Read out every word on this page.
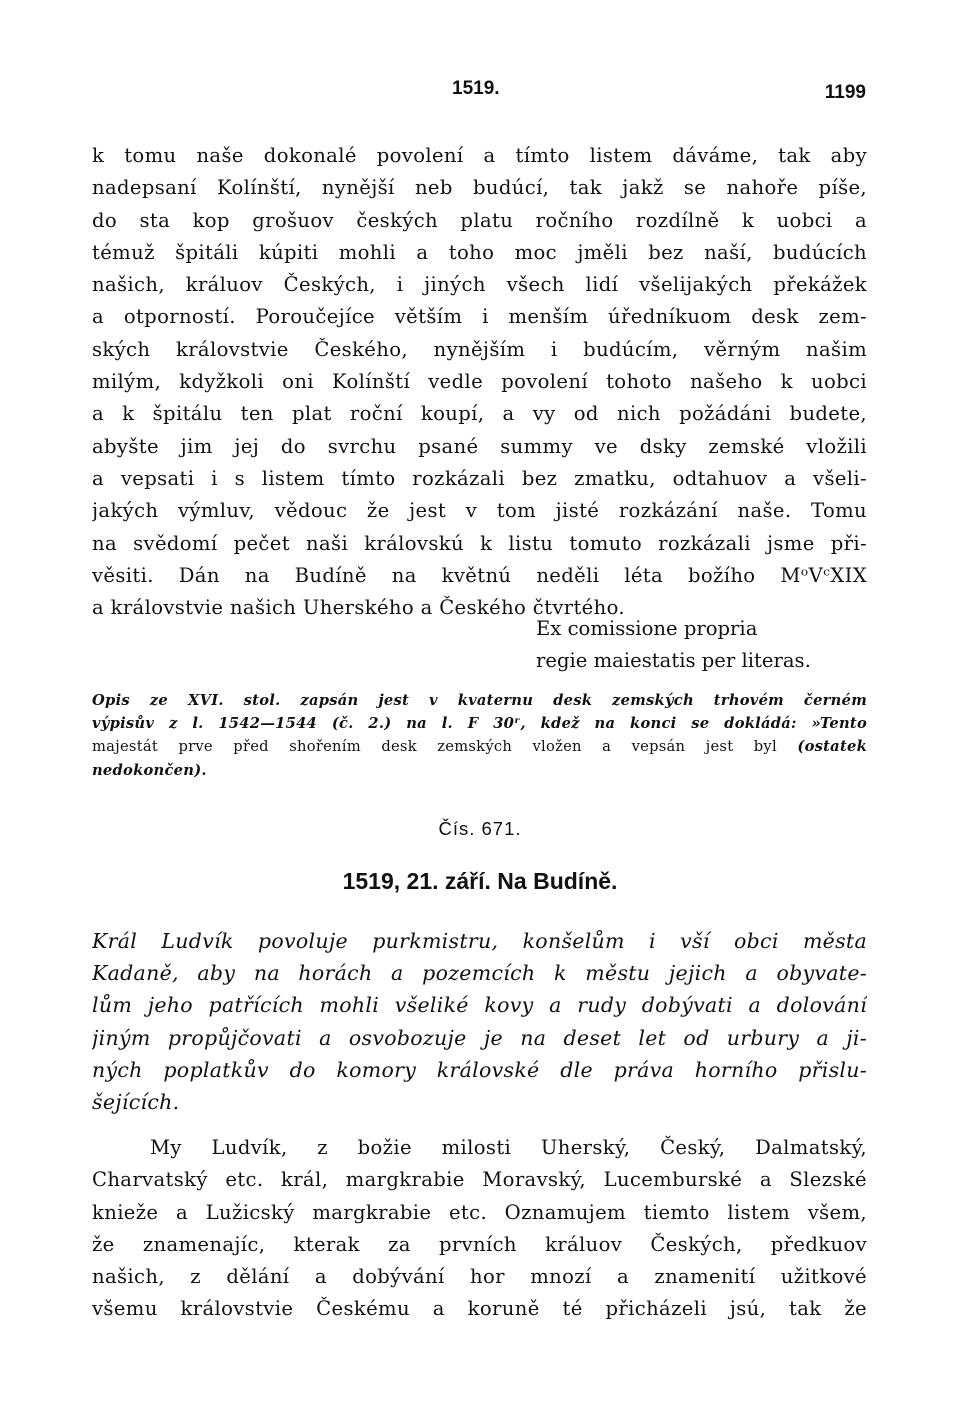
1519.	1199
k tomu naše dokonalé povolení a tímto listem dáváme, tak aby
nadepsaní Kolínští, nynější neb budúcí, tak jakž se nahoře píše,
do sta kop grošuov českých platu ročního rozdílně k uobci a
témuž špitáli kúpiti mohli a toho moc jměli bez naší, budúcích
našich, králuov Českých, i jiných všech lidí všelijakých překážek
a otporností. Poroučejíce větším i menším úředníkuom desk zem-
ských královstvie Českého, nynějším i budúcím, věrným našim
milým, kdyžkoli oni Kolínští vedle povolení tohoto našeho k uobci
a k špitálu ten plat roční koupí, a vy od nich požádáni budete,
abyšte jim jej do svrchu psané summy ve dsky zemské vložili
a vepsati i s listem tímto rozkázali bez zmatku, odtahuov a všeli-
jakých výmluv, vědouc že jest v tom jisté rozkázání naše. Tomu
na svědomí pečet naši královskú k listu tomuto rozkázali jsme při-
věsiti. Dán na Budíně na květnú neděli léta božího MᵒVᶜXIX
a královstvie našich Uherského a Českého čtvrtého.
Ex comissione propria
regie maiestatis per literas.
Opis ze XVI. stol. zapsán jest v kvaternu desk zemských trhovém černém
výpisův z l. 1542—1544 (č. 2.) na l. F 30ʳ, kdež na konci se dokládá: »Tento
majestát prve před shořením desk zemských vložen a vepsán jest byl (ostatek
nedokončen).
Čís. 671.
1519, 21. září. Na Budíně.
Král Ludvík povoluje purkmistru, konšelům i vší obci města
Kadaně, aby na horách a pozemcích k městu jejich a obyvate-
lům jeho patřících mohli všeliké kovy a rudy dobývati a dolování
jiným propůjčovati a osvobozuje je na deset let od urbury a ji-
ných poplatkův do komory královské dle práva horního přislu-
šejících.
My Ludvík, z božie milosti Uherský, Český, Dalmatský,
Charvatský etc. král, margkrabie Moravský, Lucemburské a Slezské
knieže a Lužicský margkrabie etc. Oznamujem tiemto listem všem,
že znamenajíc, kterak za prvních králuov Českých, předkuov
našich, z dělání a dobývání hor mnozí a znamenití užitkové
všemu královstvie Českému a koruně té přicházeli jsú, tak že
